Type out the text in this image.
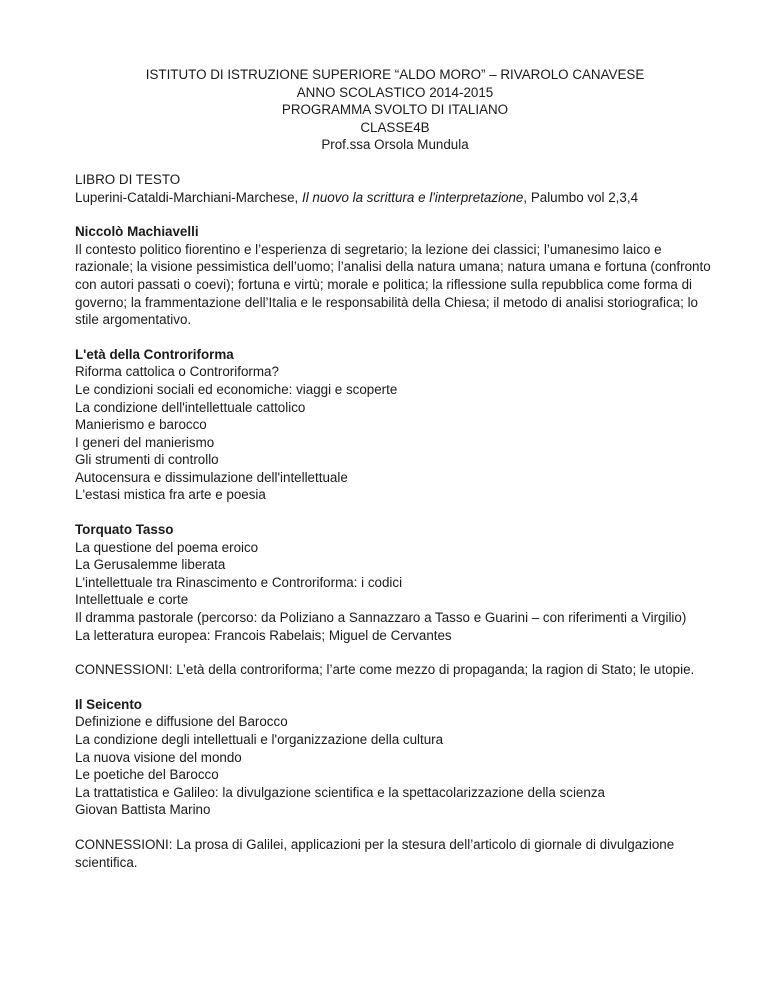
ISTITUTO DI ISTRUZIONE SUPERIORE “ALDO MORO” – RIVAROLO CANAVESE
ANNO SCOLASTICO 2014-2015
PROGRAMMA SVOLTO DI ITALIANO
CLASSE4B
Prof.ssa Orsola Mundula
LIBRO DI TESTO
Luperini-Cataldi-Marchiani-Marchese, Il nuovo la scrittura e l'interpretazione, Palumbo vol 2,3,4
Niccolò Machiavelli
Il contesto politico fiorentino e l’esperienza di segretario; la lezione dei classici; l’umanesimo laico e razionale; la visione pessimistica dell’uomo; l’analisi della natura umana; natura umana e fortuna (confronto con autori passati o coevi); fortuna e virtù; morale e politica; la riflessione sulla repubblica come forma di governo; la frammentazione dell’Italia e le responsabilità della Chiesa; il metodo di analisi storiografica; lo stile argomentativo.
L'età della Controriforma
Riforma cattolica o Controriforma?
Le condizioni sociali ed economiche: viaggi e scoperte
La condizione dell'intellettuale cattolico
Manierismo e barocco
I generi del manierismo
Gli strumenti di controllo
Autocensura e dissimulazione dell'intellettuale
L'estasi mistica fra arte e poesia
Torquato Tasso
La questione del poema eroico
La Gerusalemme liberata
L'intellettuale tra Rinascimento e Controriforma: i codici
Intellettuale e corte
Il dramma pastorale (percorso: da Poliziano a Sannazzaro a Tasso e Guarini – con riferimenti a Virgilio)
La letteratura europea: Francois Rabelais; Miguel de Cervantes
CONNESSIONI: L’età della controriforma; l’arte come mezzo di propaganda; la ragion di Stato; le utopie.
Il Seicento
Definizione e diffusione del Barocco
La condizione degli intellettuali e l'organizzazione della cultura
La nuova visione del mondo
Le poetiche del Barocco
La trattatistica e Galileo: la divulgazione scientifica e la spettacolarizzazione della scienza
Giovan Battista Marino
CONNESSIONI: La prosa di Galilei, applicazioni per la stesura dell’articolo di giornale di divulgazione scientifica.
